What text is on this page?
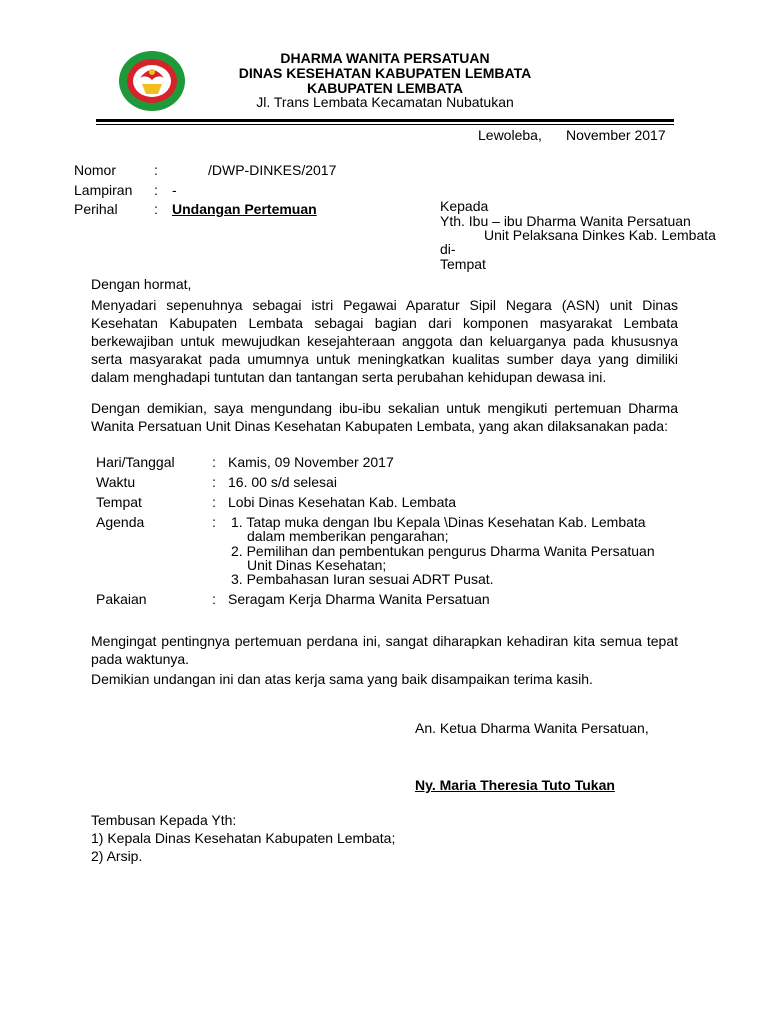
DHARMA WANITA PERSATUAN
DINAS KESEHATAN KABUPATEN LEMBATA
KABUPATEN LEMBATA
Jl. Trans Lembata Kecamatan Nubatukan
Lewoleba, November 2017
Nomor	:	/DWP-DINKES/2017
Lampiran : -
Perihal	: Undangan Pertemuan	Kepada
Yth. Ibu – ibu Dharma Wanita Persatuan
Unit Pelaksana Dinkes Kab. Lembata
di-
Tempat
Dengan hormat,
Menyadari sepenuhnya sebagai istri Pegawai Aparatur Sipil Negara (ASN) unit Dinas Kesehatan Kabupaten Lembata sebagai bagian dari komponen masyarakat Lembata berkewajiban untuk mewujudkan kesejahteraan anggota dan keluarganya pada khususnya serta masyarakat pada umumnya untuk meningkatkan kualitas sumber daya yang dimiliki dalam menghadapi tuntutan dan tantangan serta perubahan kehidupan dewasa ini.
Dengan demikian, saya mengundang ibu-ibu sekalian untuk mengikuti pertemuan Dharma Wanita Persatuan Unit Dinas Kesehatan Kabupaten Lembata, yang akan dilaksanakan pada:
Hari/Tanggal	: Kamis, 09 November 2017
Waktu	: 16. 00 s/d selesai
Tempat	: Lobi Dinas Kesehatan Kab. Lembata
Agenda	: 1. Tatap muka dengan Ibu Kepala \Dinas Kesehatan Kab. Lembata
dalam memberikan pengarahan;
2. Pemilihan dan pembentukan pengurus Dharma Wanita Persatuan
Unit Dinas Kesehatan;
3. Pembahasan Iuran sesuai ADRT Pusat.
Pakaian	: Seragam Kerja Dharma Wanita Persatuan
Mengingat pentingnya pertemuan perdana ini, sangat diharapkan kehadiran kita semua tepat pada waktunya.
Demikian undangan ini dan atas kerja sama yang baik disampaikan terima kasih.
An. Ketua Dharma Wanita Persatuan,
Ny. Maria Theresia Tuto Tukan
Tembusan Kepada Yth:
1) Kepala Dinas Kesehatan Kabupaten Lembata;
2) Arsip.
